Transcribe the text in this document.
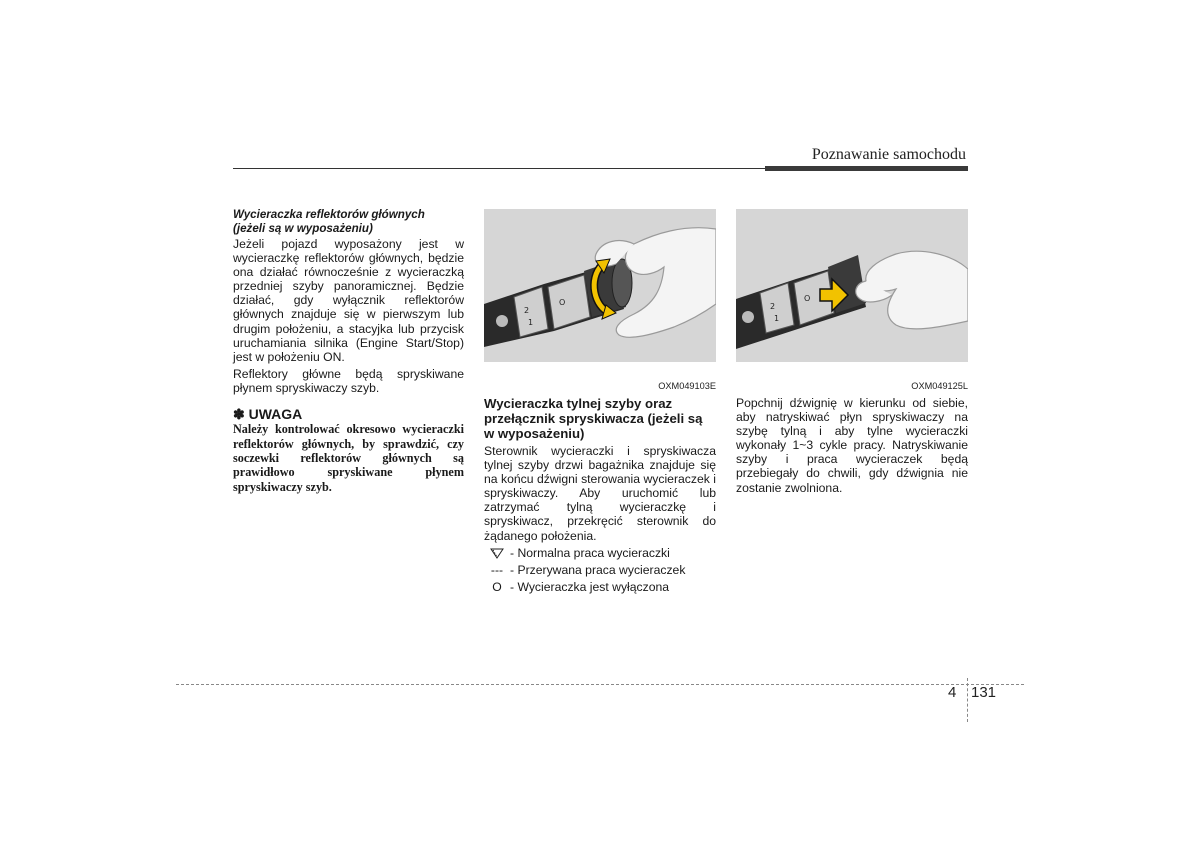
Poznawanie samochodu
Wycieraczka reflektorów głównych
(jeżeli są w wyposażeniu)
Jeżeli pojazd wyposażony jest w wycieraczkę reflektorów głównych, będzie ona działać równocześnie z wycieraczką przedniej szyby panoramicznej. Będzie działać, gdy wyłącznik reflektorów głównych znajduje się w pierwszym lub drugim położeniu, a stacyjka lub przycisk uruchamiania silnika (Engine Start/Stop) jest w położeniu ON.
Reflektory główne będą spryskiwane płynem spryskiwaczy szyb.
✽ UWAGA
Należy kontrolować okresowo wycieraczki reflektorów głównych, by sprawdzić, czy soczewki reflektorów głównych są prawidłowo spryskiwane płynem spryskiwaczy szyb.
2
1
O
OXM049103E
Wycieraczka tylnej szyby oraz przełącznik spryskiwacza (jeżeli są w wyposażeniu)
Sterownik wycieraczki i spryskiwacza tylnej szyby drzwi bagażnika znajduje się na końcu dźwigni sterowania wycieraczek i spryskiwaczy. Aby uruchomić lub zatrzymać tylną wycieraczkę i spryskiwacz, przekręcić sterownik do żądanego położenia.
- Normalna praca wycieraczki
--- - Przerywana praca wycieraczek
O - Wycieraczka jest wyłączona
2
1
O
OXM049125L
Popchnij dźwignię w kierunku od siebie, aby natryskiwać płyn spryskiwaczy na szybę tylną i aby tylne wycieraczki wykonały 1~3 cykle pracy. Natryskiwanie szyby i praca wycieraczek będą przebiegały do chwili, gdy dźwignia nie zostanie zwolniona.
4 131
